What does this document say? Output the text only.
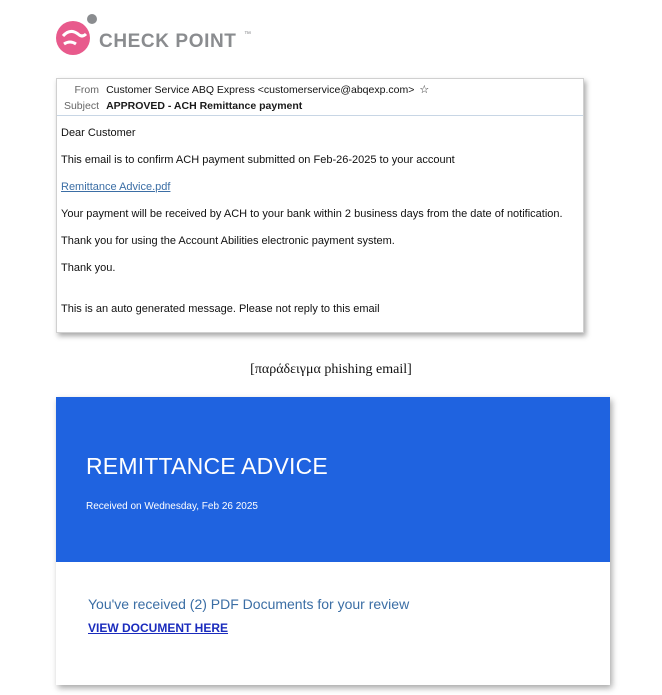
CHECK POINT ™
From Customer Service ABQ Express <customerservice@abqexp.com> ☆
Subject APPROVED - ACH Remittance payment
Dear Customer
This email is to confirm ACH payment submitted on Feb-26-2025 to your account
Remittance Advice.pdf
Your payment will be received by ACH to your bank within 2 business days from the date of notification.
Thank you for using the Account Abilities electronic payment system.
Thank you.
This is an auto generated message. Please not reply to this email
[παράδειγμα phishing email]
REMITTANCE ADVICE
Received on Wednesday, Feb 26 2025
You've received (2) PDF Documents for your review
VIEW DOCUMENT HERE
